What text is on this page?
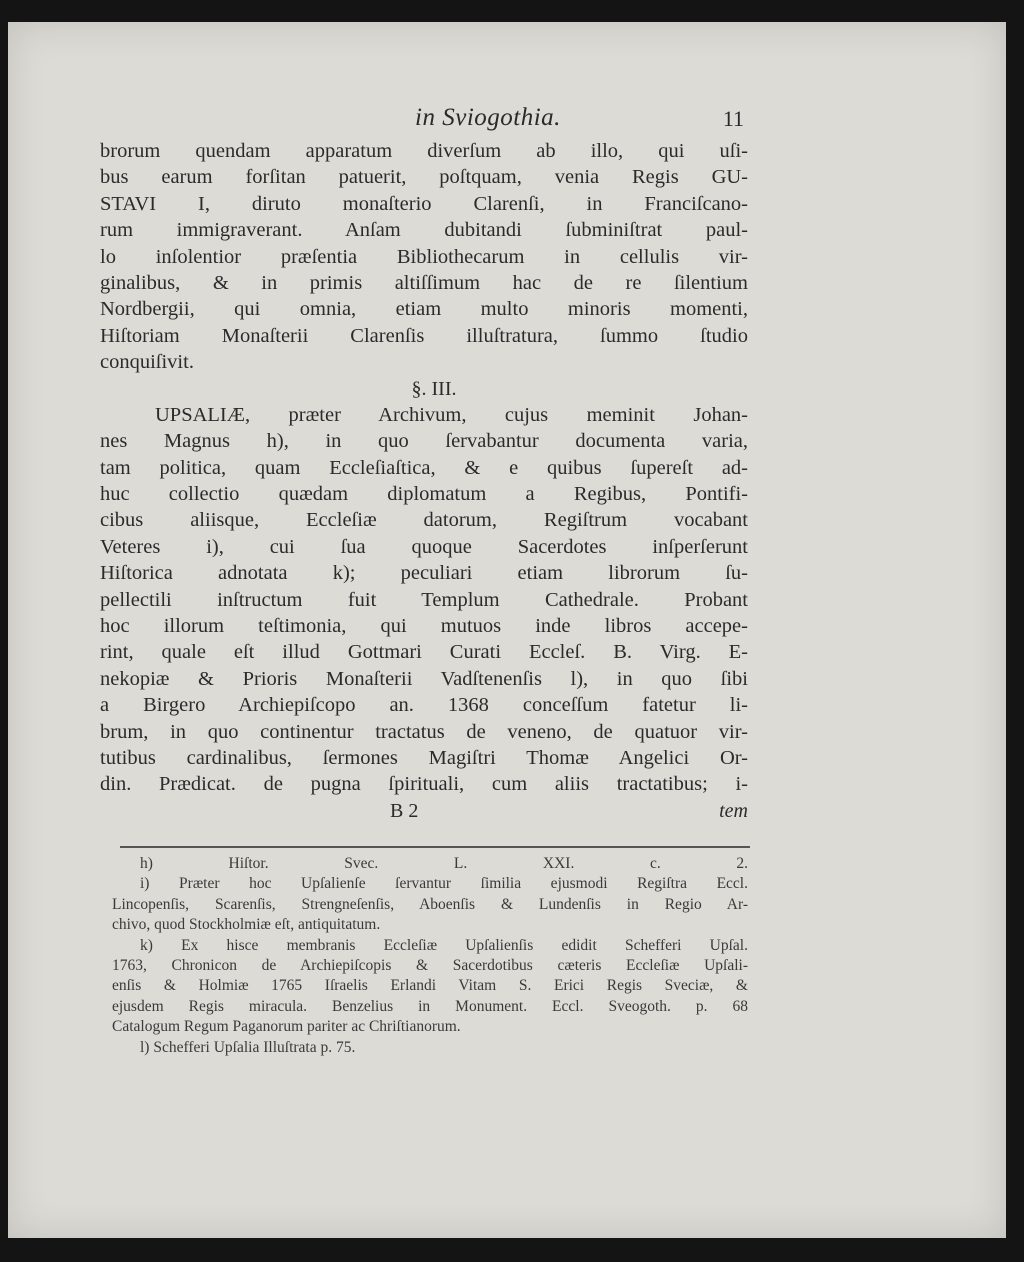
in Sviogothia.	11
brorum quendam apparatum diverſum ab illo, qui uſi-
bus earum forſitan patuerit, poſtquam, venia Regis GU-
STAVI I, diruto monaſterio Clarenſi, in Franciſcano-
rum immigraverant. Anſam dubitandi ſubminiſtrat paul-
lo inſolentior præſentia Bibliothecarum in cellulis vir-
ginalibus, & in primis altiſſimum hac de re ſilentium
Nordbergii, qui omnia, etiam multo minoris momenti,
Hiſtoriam Monaſterii Clarenſis illuſtratura, ſummo ſtudio
conquiſivit.
§. III.
UPSALIÆ, præter Archivum, cujus meminit Johan-
nes Magnus h), in quo ſervabantur documenta varia,
tam politica, quam Eccleſiaſtica, & e quibus ſupereſt ad-
huc collectio quædam diplomatum a Regibus, Pontifi-
cibus aliisque, Eccleſiæ datorum, Regiſtrum vocabant
Veteres i), cui ſua quoque Sacerdotes inſperſerunt
Hiſtorica adnotata k); peculiari etiam librorum ſu-
pellectili inſtructum fuit Templum Cathedrale. Probant
hoc illorum teſtimonia, qui mutuos inde libros accepe-
rint, quale eſt illud Gottmari Curati Eccleſ. B. Virg. E-
nekopiæ & Prioris Monaſterii Vadſtenenſis l), in quo ſibi
a Birgero Archiepiſcopo an. 1368 conceſſum fatetur li-
brum, in quo continentur tractatus de veneno, de quatuor vir-
tutibus cardinalibus, ſermones Magiſtri Thomæ Angelici Or-
din. Prædicat. de pugna ſpirituali, cum aliis tractatibus; i-
B 2	tem
h) Hiſtor. Svec. L. XXI. c. 2.
i) Præter hoc Upſalienſe ſervantur ſimilia ejusmodi Regiſtra Eccl.
Lincopenſis, Scarenſis, Strengneſenſis, Aboenſis & Lundenſis in Regio Ar-
chivo, quod Stockholmiæ eſt, antiquitatum.
k) Ex hisce membranis Eccleſiæ Upſalienſis edidit Schefferi Upſal.
1763, Chronicon de Archiepiſcopis & Sacerdotibus cæteris Eccleſiæ Upſali-
enſis & Holmiæ 1765 Iſraelis Erlandi Vitam S. Erici Regis Sveciæ, &
ejusdem Regis miracula. Benzelius in Monument. Eccl. Sveogoth. p. 68
Catalogum Regum Paganorum pariter ac Chriſtianorum.
l) Schefferi Upſalia Illuſtrata p. 75.
